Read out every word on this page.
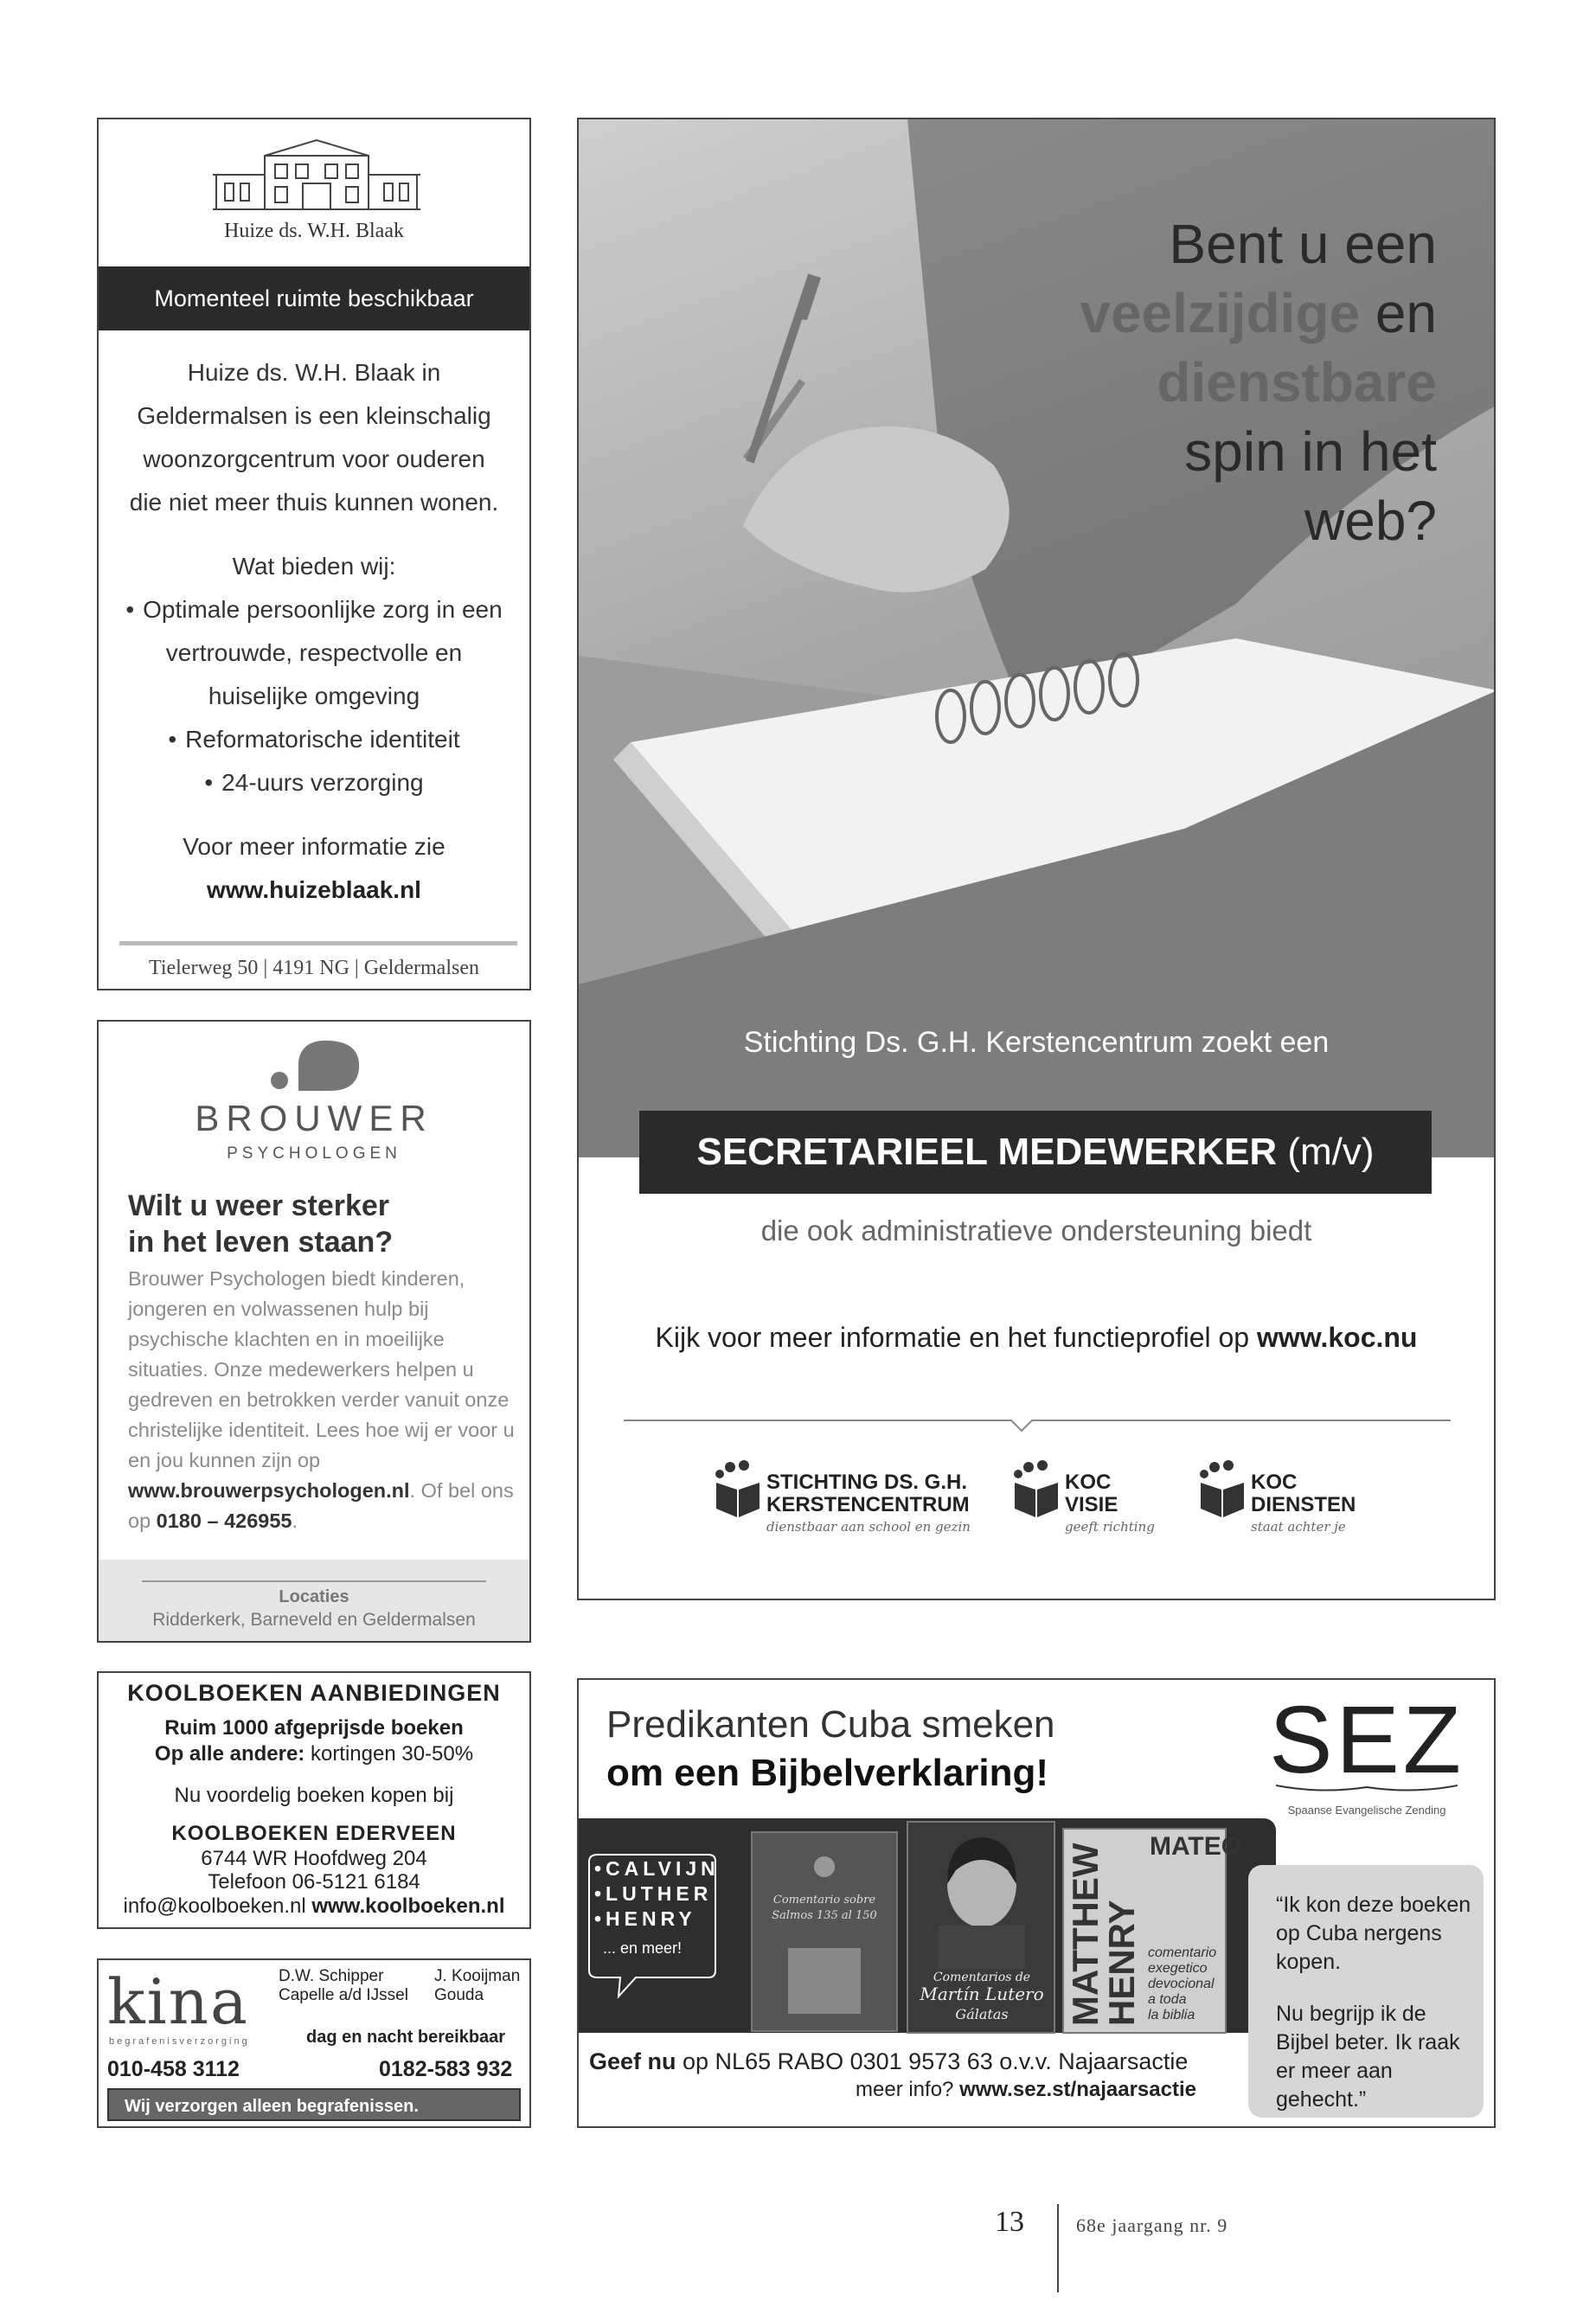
Huize ds. W.H. Blaak
Momenteel ruimte beschikbaar
Huize ds. W.H. Blaak in
Geldermalsen is een kleinschalig
woonzorgcentrum voor ouderen
die niet meer thuis kunnen wonen.
Wat bieden wij:
• Optimale persoonlijke zorg in een
vertrouwde, respectvolle en
huiselijke omgeving
• Reformatorische identiteit
• 24-uurs verzorging
Voor meer informatie zie
www.huizeblaak.nl
Tielerweg 50 | 4191 NG | Geldermalsen
BROUWER
PSYCHOLOGEN
Wilt u weer sterker
in het leven staan?
Brouwer Psychologen biedt kinderen, jongeren en volwassenen hulp bij psychische klachten en in moeilijke situaties. Onze medewerkers helpen u gedreven en betrokken verder vanuit onze christelijke identiteit. Lees hoe wij er voor u en jou kunnen zijn op www.brouwerpsychologen.nl. Of bel ons op 0180 – 426955.
Locaties
Ridderkerk, Barneveld en Geldermalsen
Bent u een
veelzijdige en
dienstbare
spin in het
web?
Stichting Ds. G.H. Kerstencentrum zoekt een
SECRETARIEEL MEDEWERKER (m/v)
die ook administratieve ondersteuning biedt
Kijk voor meer informatie en het functieprofiel op www.koc.nu
STICHTING DS. G.H.
KERSTENCENTRUM
dienstbaar aan school en gezin
KOC
VISIE
geeft richting
KOC
DIENSTEN
staat achter je
KOOLBOEKEN AANBIEDINGEN
Ruim 1000 afgeprijsde boeken
Op alle andere: kortingen 30-50%
Nu voordelig boeken kopen bij
KOOLBOEKEN EDERVEEN
6744 WR Hoofdweg 204
Telefoon 06-5121 6184
info@koolboeken.nl www.koolboeken.nl
kina
begrafenisverzorging
D.W. Schipper
Capelle a/d IJssel
J. Kooijman
Gouda
dag en nacht bereikbaar
010-458 3112	0182-583 932
Wij verzorgen alleen begrafenissen.
Predikanten Cuba smeken
om een Bijbelverklaring! SEZ
Spaanse Evangelische Zending
•CALVIJN
•LUTHER
•HENRY
... en meer!
Comentario sobre
Salmos 135 al 150
Comentarios de
Martín Lutero
Gálatas
MATEO
MATTHEW
HENRY comentario
exegetico
devocional
a toda
la biblia
Geef nu op NL65 RABO 0301 9573 63 o.v.v. Najaarsactie
meer info? www.sez.st/najaarsactie

“Ik kon deze boeken op Cuba nergens kopen.

Nu begrijp ik de Bijbel beter. Ik raak er meer aan gehecht.”

13	68e jaargang nr. 9
